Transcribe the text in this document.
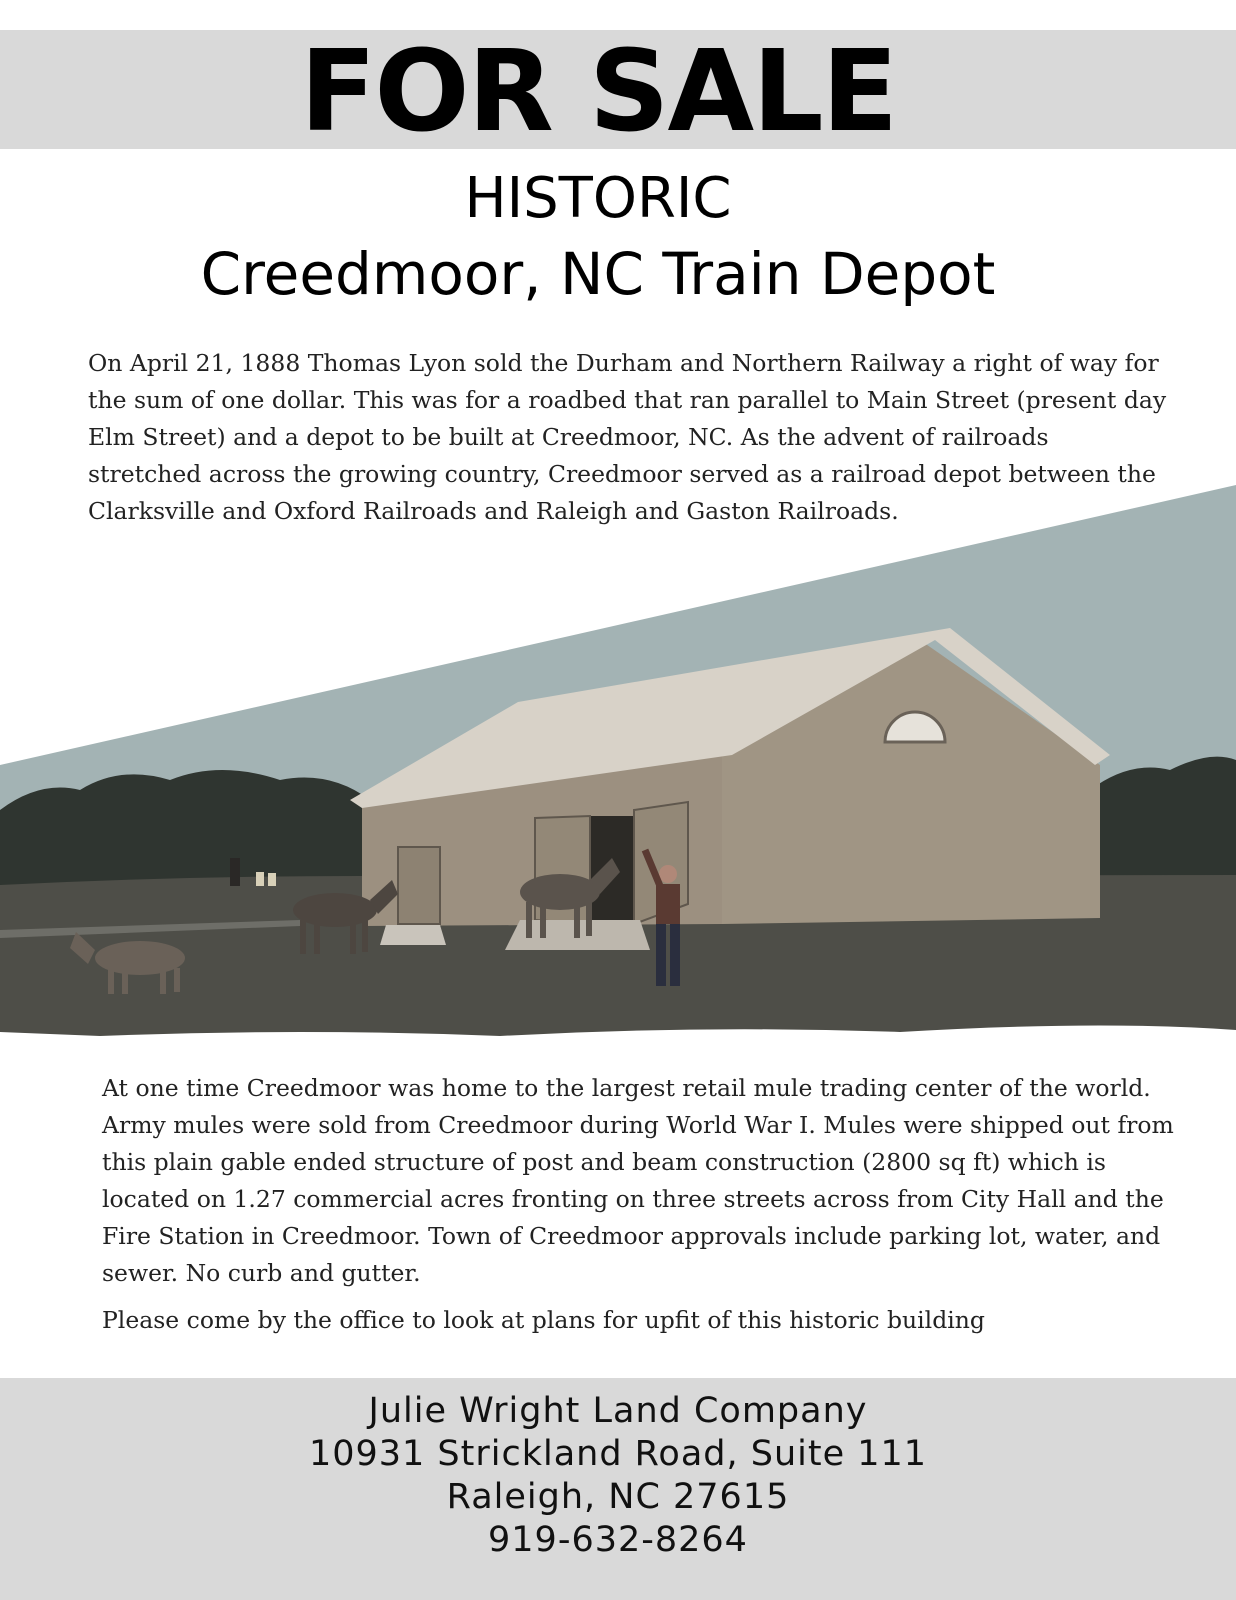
FOR SALE
HISTORIC
Creedmoor, NC Train Depot

On April 21, 1888 Thomas Lyon sold the Durham and Northern Railway a right of way for the sum of one dollar. This was for a roadbed that ran parallel to Main Street (present day Elm Street) and a depot to be built at Creedmoor, NC. As the advent of railroads stretched across the growing country, Creedmoor served as a railroad depot between the Clarksville and Oxford Railroads and Raleigh and Gaston Railroads.

At one time Creedmoor was home to the largest retail mule trading center of the world. Army mules were sold from Creedmoor during World War I. Mules were shipped out from this plain gable ended structure of post and beam construction (2800 sq ft) which is located on 1.27 commercial acres fronting on three streets across from City Hall and the Fire Station in Creedmoor. Town of Creedmoor approvals include parking lot, water, and sewer. No curb and gutter.

Please come by the office to look at plans for upfit of this historic building

Julie Wright Land Company
10931 Strickland Road, Suite 111
Raleigh, NC 27615
919-632-8264
